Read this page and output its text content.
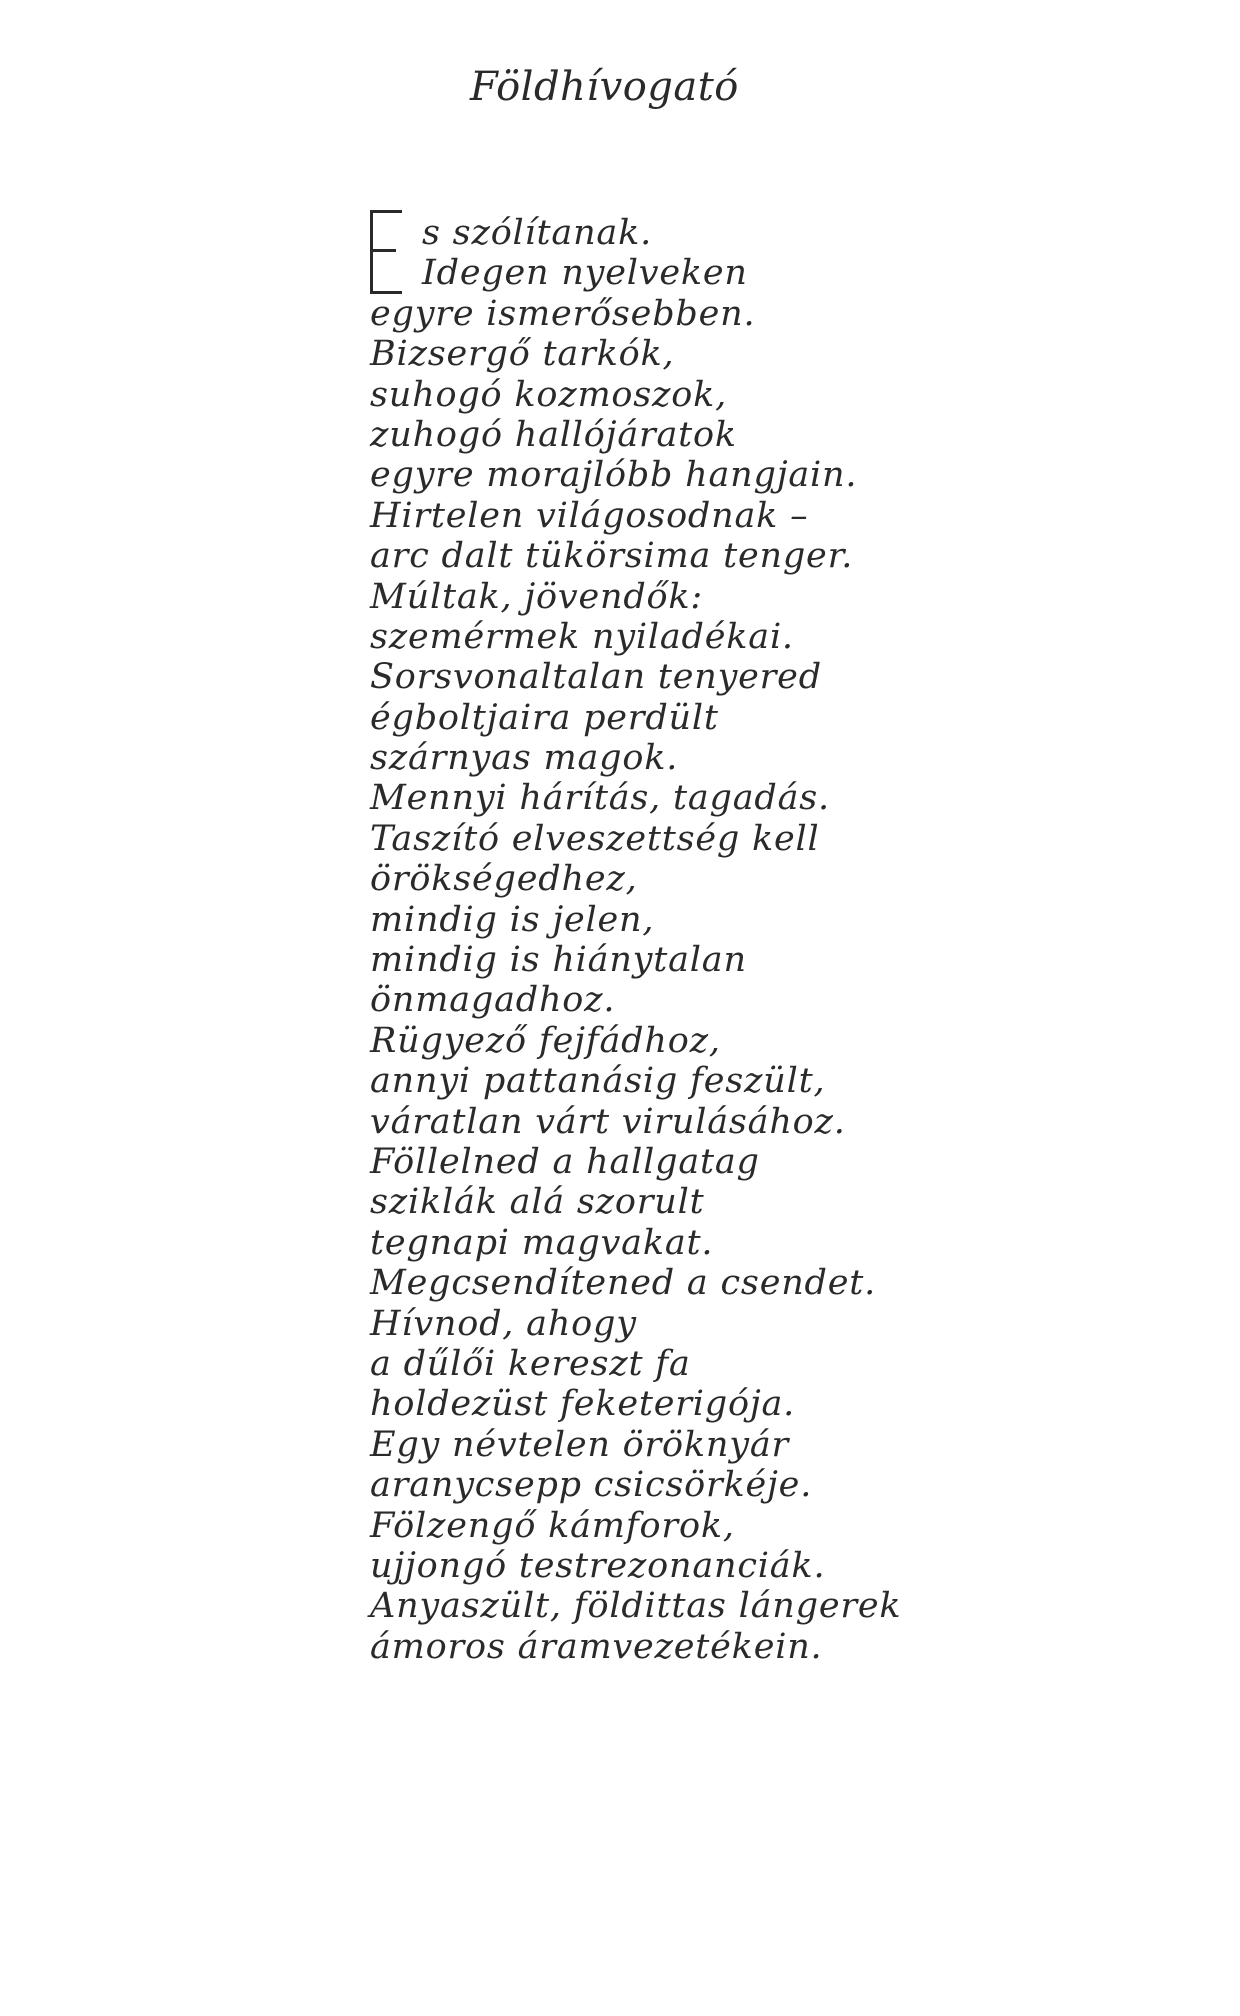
Földhívogató
s szólítanak.
Idegen nyelveken
egyre ismerősebben.
Bizsergő tarkók,
suhogó kozmoszok,
zuhogó hallójáratok
egyre morajlóbb hangjain.
Hirtelen világosodnak –
arc dalt tükörsima tenger.
Múltak, jövendők:
szemérmek nyiladékai.
Sorsvonaltalan tenyered
égboltjaira perdült
szárnyas magok.
Mennyi hárítás, tagadás.
Taszító elveszettség kell
örökségedhez,
mindig is jelen,
mindig is hiánytalan
önmagadhoz.
Rügyező fejfádhoz,
annyi pattanásig feszült,
váratlan várt virulásához.
Föllelned a hallgatag
sziklák alá szorult
tegnapi magvakat.
Megcsendítened a csendet.
Hívnod, ahogy
a dűlői kereszt fa
holdezüst feketerigója.
Egy névtelen öröknyár
aranycsepp csicsörkéje.
Fölzengő kámforok,
ujjongó testrezonanciák.
Anyaszült, földittas lángerek
ámoros áramvezetékein.
